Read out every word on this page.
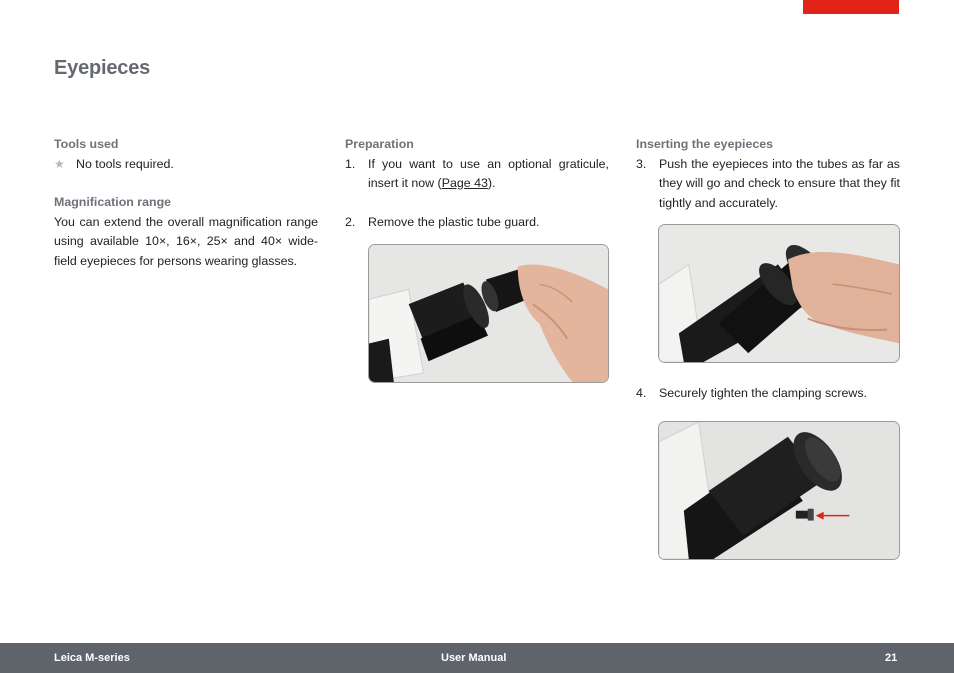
Eyepieces
Tools used
★ No tools required.
Magnification range

You can extend the overall magnification range using available 10×, 16×, 25× and 40× wide-field eyepieces for persons wearing glasses.

Preparation
1.	If you want to use an optional graticule, insert it now (Page 43).
2.	Remove the plastic tube guard.
Inserting the eyepieces
3.	Push the eyepieces into the tubes as far as they will go and check to ensure that they fit tightly and accurately.
4.	Securely tighten the clamping screws.
Leica M-series	User Manual	21
